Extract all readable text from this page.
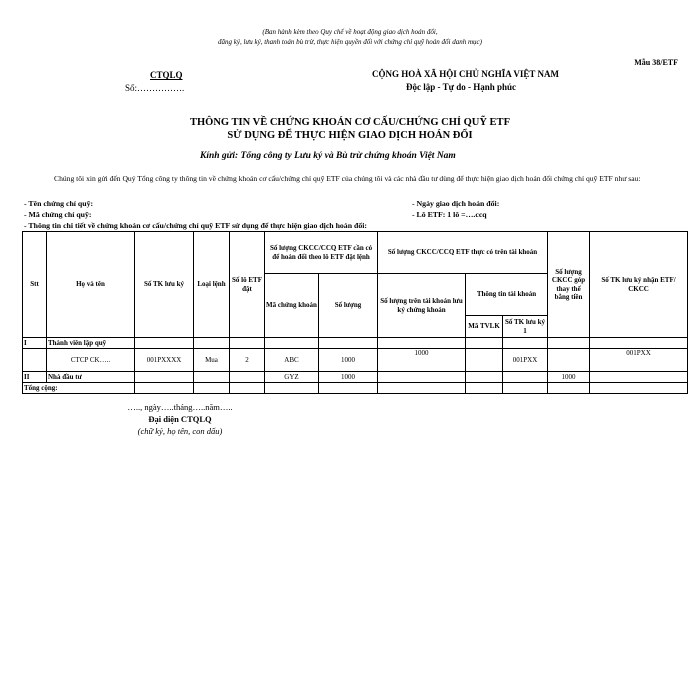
(Ban hành kèm theo Quy chế về hoạt động giao dịch hoán đổi,
đăng ký, lưu ký, thanh toán bù trừ, thực hiện quyền đối với chứng chỉ quỹ hoán đổi danh mục)
Mẫu 38/ETF
CTQLQ
Số:…………….
CỘNG HOÀ XÃ HỘI CHỦ NGHĨA VIỆT NAM
Độc lập - Tự do - Hạnh phúc
THÔNG TIN VỀ CHỨNG KHOÁN CƠ CẤU/CHỨNG CHỈ QUỸ ETF
SỬ DỤNG ĐỂ THỰC HIỆN GIAO DỊCH HOÁN ĐỔI
Kính gửi: Tổng công ty Lưu ký và Bù trừ chứng khoán Việt Nam
Chúng tôi xin gửi đến Quý Tổng công ty thông tin về chứng khoán cơ cấu/chứng chỉ quỹ ETF của chúng tôi và các nhà đầu tư dùng để thực hiện giao dịch hoán đổi chứng chỉ quỹ ETF như sau:
- Tên chứng chỉ quỹ:	- Ngày giao dịch hoán đổi:
- Mã chứng chỉ quỹ:	- Lô ETF: 1 lô =….ccq
- Thông tin chi tiết về chứng khoán cơ cấu/chứng chỉ quỹ ETF sử dụng để thực hiện giao dịch hoán đổi:
Stt	Họ và tên	Số TK lưu ký	Loại lệnh	Số lô ETF đặt	Số lượng CKCC/CCQ ETF cần có để hoán đổi theo lô ETF đặt lệnh		Số lượng CKCC/CCQ ETF thực có trên tài khoản			Số lượng CKCC góp thay thế bằng tiền	Số TK lưu ký nhận ETF/ CKCC
					Mã chứng khoán	Số lượng	Số lượng trên tài khoản lưu ký chứng khoán	Thông tin tài khoản			
								Mã TVLK	Số TK lưu ký 1		
I	Thành viên lập quỹ										
	CTCP CK…..	001PXXXX	Mua	2	ABC	1000	1000		001PXX		001PXX
II	Nhà đầu tư				GYZ	1000				1000	
Tổng cộng:											
….., ngày…..tháng…..năm…..
Đại diện CTQLQ
(chữ ký, họ tên, con dấu)
